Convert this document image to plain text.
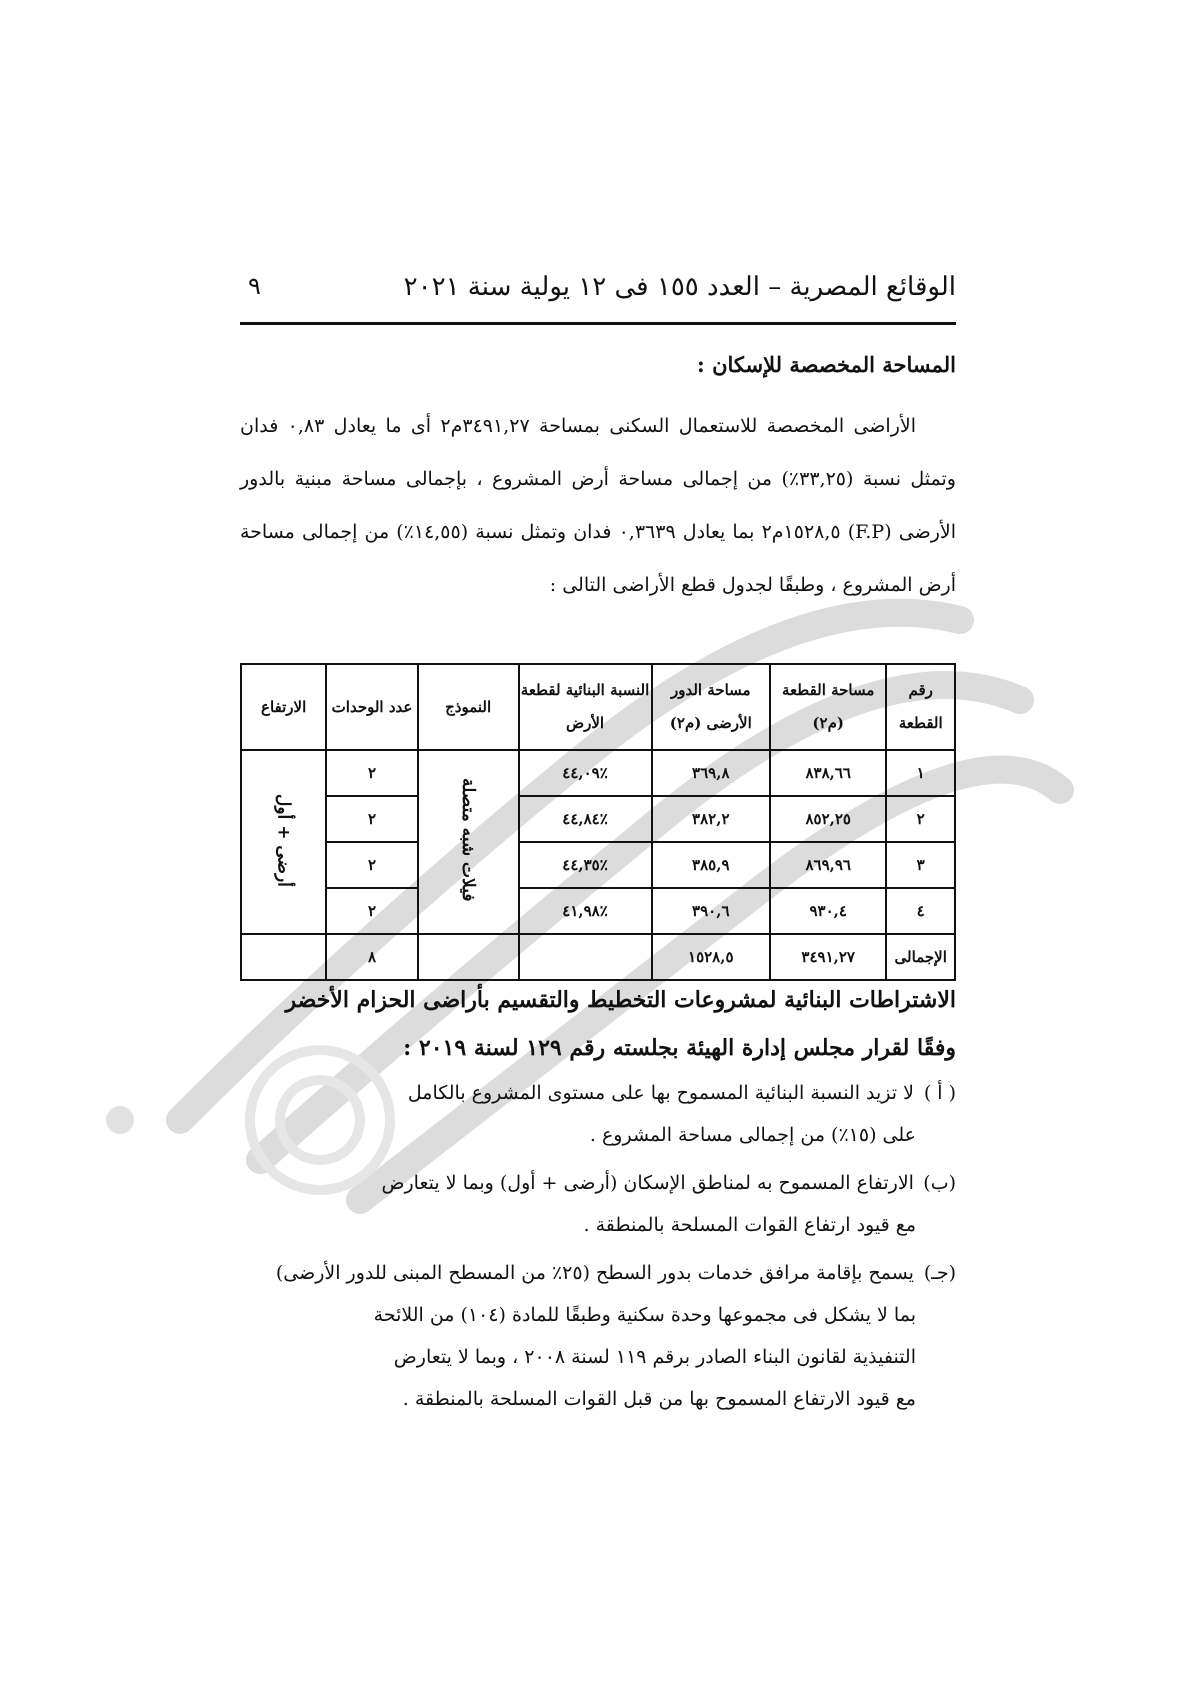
الوقائع المصرية – العدد ١٥٥ فى ١٢ يولية سنة ٢٠٢١
٩
المساحة المخصصة للإسكان :
الأراضى المخصصة للاستعمال السكنى بمساحة ٣٤٩١,٢٧م٢ أى ما يعادل ٠,٨٣ فدان وتمثل نسبة (٣٣,٢٥٪) من إجمالى مساحة أرض المشروع ، بإجمالى مساحة مبنية بالدور الأرضى (F.P) ١٥٢٨,٥م٢ بما يعادل ٠,٣٦٣٩ فدان وتمثل نسبة (١٤,٥٥٪) من إجمالى مساحة أرض المشروع ، وطبقًا لجدول قطع الأراضى التالى :
رقم القطعة	مساحة القطعة (م٢)	مساحة الدور الأرضى (م٢)	النسبة البنائية لقطعة الأرض	النموذج	عدد الوحدات	الارتفاع
١	٨٣٨,٦٦	٣٦٩,٨	٪٤٤,٠٩	فيلات شبه متصلة	٢	أرضى + أول
٢	٨٥٢,٢٥	٣٨٢,٢	٪٤٤,٨٤		٢	
٣	٨٦٩,٩٦	٣٨٥,٩	٪٤٤,٣٥		٢	
٤	٩٣٠,٤	٣٩٠,٦	٪٤١,٩٨		٢	
الإجمالى	٣٤٩١,٢٧	١٥٢٨,٥			٨	
الاشتراطات البنائية لمشروعات التخطيط والتقسيم بأراضى الحزام الأخضر
وفقًا لقرار مجلس إدارة الهيئة بجلسته رقم ١٢٩ لسنة ٢٠١٩ :
( أ ) لا تزيد النسبة البنائية المسموح بها على مستوى المشروع بالكامل
على (١٥٪) من إجمالى مساحة المشروع .
(ب) الارتفاع المسموح به لمناطق الإسكان (أرضى + أول) وبما لا يتعارض
مع قيود ارتفاع القوات المسلحة بالمنطقة .
(جـ) يسمح بإقامة مرافق خدمات بدور السطح (٢٥٪ من المسطح المبنى للدور الأرضى)
بما لا يشكل فى مجموعها وحدة سكنية وطبقًا للمادة (١٠٤) من اللائحة
التنفيذية لقانون البناء الصادر برقم ١١٩ لسنة ٢٠٠٨ ، وبما لا يتعارض
مع قيود الارتفاع المسموح بها من قبل القوات المسلحة بالمنطقة .
